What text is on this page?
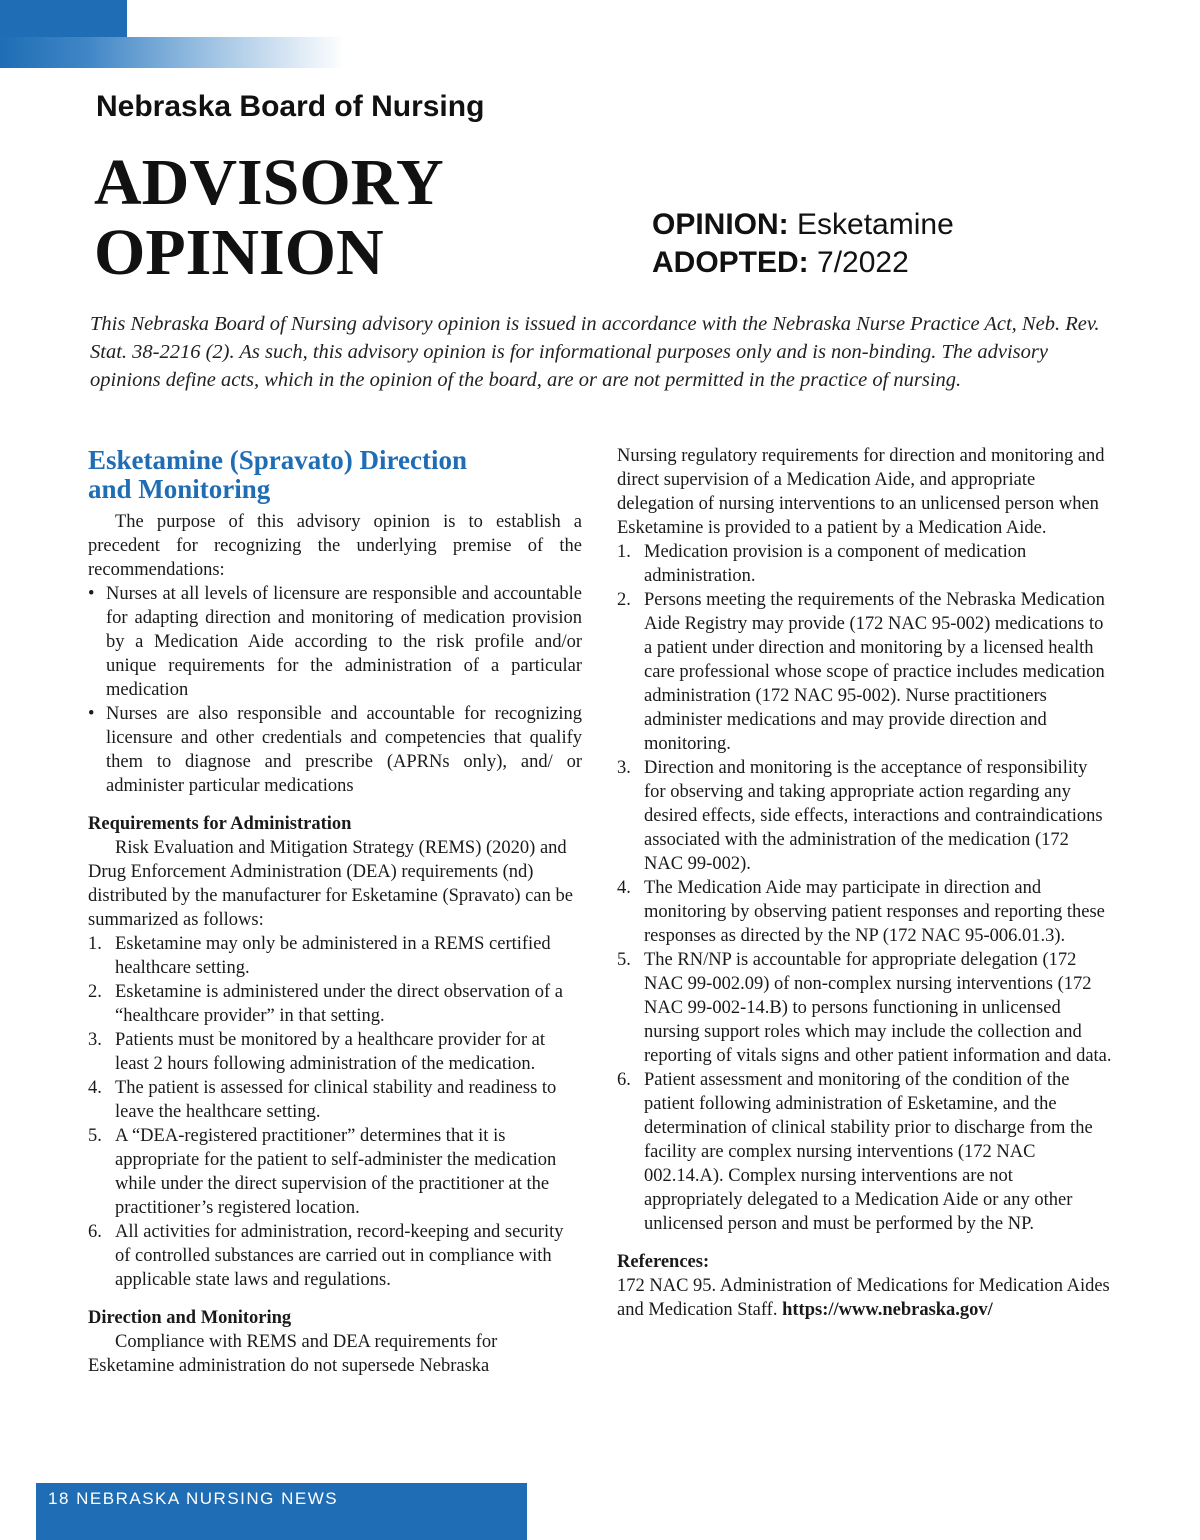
Nebraska Board of Nursing
ADVISORY
OPINION	OPINION: Esketamine
ADOPTED: 7/2022

This Nebraska Board of Nursing advisory opinion is issued in accordance with the Nebraska Nurse Practice Act, Neb. Rev. Stat. 38-2216 (2). As such, this advisory opinion is for informational purposes only and is non-binding. The advisory opinions define acts, which in the opinion of the board, are or are not permitted in the practice of nursing.

Esketamine (Spravato) Direction
and Monitoring

The purpose of this advisory opinion is to establish a precedent for recognizing the underlying premise of the recommendations:

• Nurses at all levels of licensure are responsible and accountable for adapting direction and monitoring of medication provision by a Medication Aide according to the risk profile and/or unique requirements for the administration of a particular medication
• Nurses are also responsible and accountable for recognizing licensure and other credentials and competencies that qualify them to diagnose and prescribe (APRNs only), and/ or administer particular medications

Requirements for Administration

Risk Evaluation and Mitigation Strategy (REMS) (2020) and Drug Enforcement Administration (DEA) requirements (nd) distributed by the manufacturer for Esketamine (Spravato) can be summarized as follows:

1. Esketamine may only be administered in a REMS certified healthcare setting.
2. Esketamine is administered under the direct observation of a “healthcare provider” in that setting.
3. Patients must be monitored by a healthcare provider for at least 2 hours following administration of the medication.
4. The patient is assessed for clinical stability and readiness to leave the healthcare setting.
5. A “DEA-registered practitioner” determines that it is appropriate for the patient to self-administer the medication while under the direct supervision of the practitioner at the practitioner’s registered location.
6. All activities for administration, record-keeping and security of controlled substances are carried out in compliance with applicable state laws and regulations.

Direction and Monitoring

Compliance with REMS and DEA requirements for Esketamine administration do not supersede Nebraska

Nursing regulatory requirements for direction and monitoring and direct supervision of a Medication Aide, and appropriate delegation of nursing interventions to an unlicensed person when Esketamine is provided to a patient by a Medication Aide.

1. Medication provision is a component of medication administration.
2. Persons meeting the requirements of the Nebraska Medication Aide Registry may provide (172 NAC 95-002) medications to a patient under direction and monitoring by a licensed health care professional whose scope of practice includes medication administration (172 NAC 95-002). Nurse practitioners administer medications and may provide direction and monitoring.
3. Direction and monitoring is the acceptance of responsibility for observing and taking appropriate action regarding any desired effects, side effects, interactions and contraindications associated with the administration of the medication (172 NAC 99-002).
4. The Medication Aide may participate in direction and monitoring by observing patient responses and reporting these responses as directed by the NP (172 NAC 95-006.01.3).
5. The RN/NP is accountable for appropriate delegation (172 NAC 99-002.09) of non-complex nursing interventions (172 NAC 99-002-14.B) to persons functioning in unlicensed nursing support roles which may include the collection and reporting of vitals signs and other patient information and data.
6. Patient assessment and monitoring of the condition of the patient following administration of Esketamine, and the determination of clinical stability prior to discharge from the facility are complex nursing interventions (172 NAC 002.14.A). Complex nursing interventions are not appropriately delegated to a Medication Aide or any other unlicensed person and must be performed by the NP.

References:

172 NAC 95. Administration of Medications for Medication Aides and Medication Staff. https://www.nebraska.gov/

18 NEBRASKA NURSING NEWS
